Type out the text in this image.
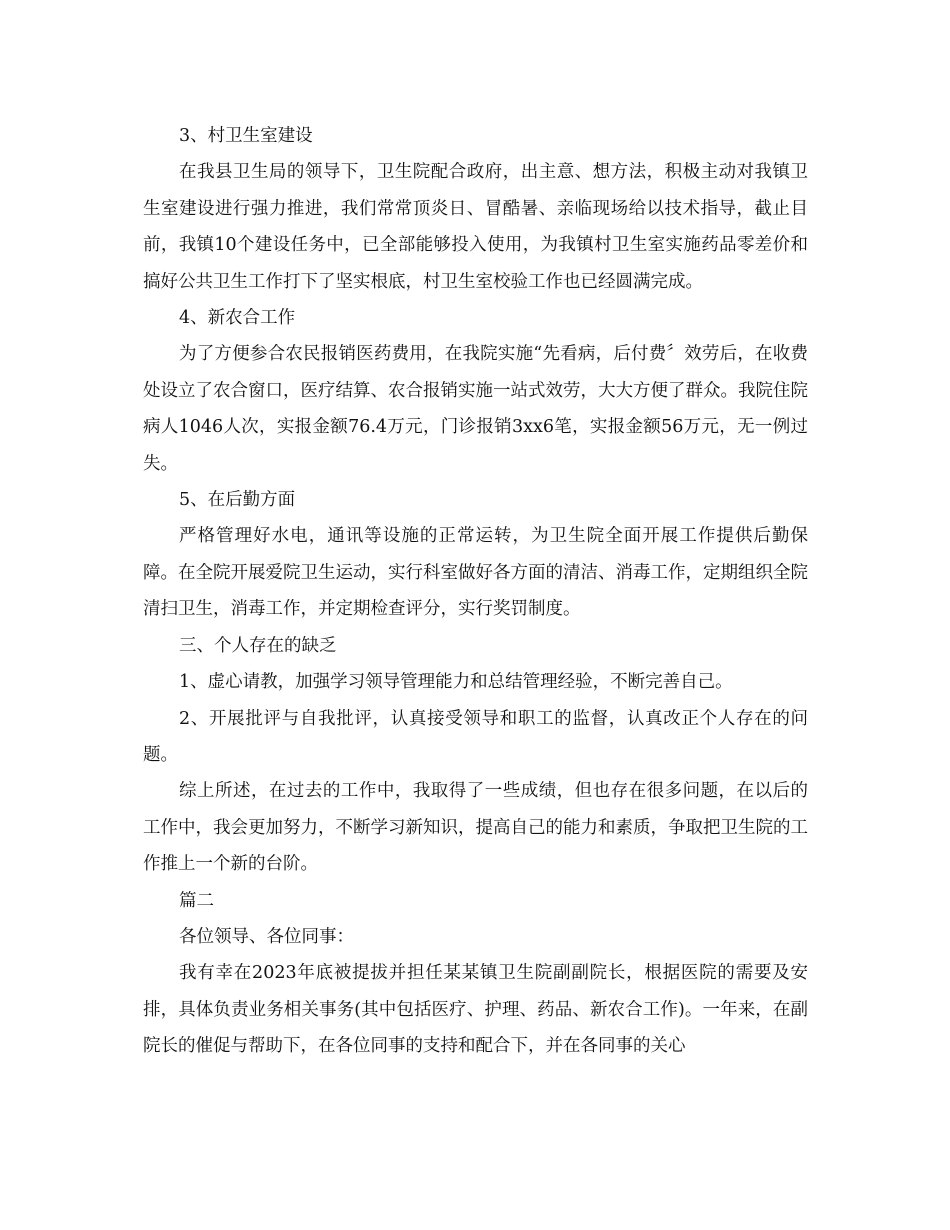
3、村卫生室建设

在我县卫生局的领导下，卫生院配合政府，出主意、想方法，积极主动对我镇卫生室建设进行强力推进，我们常常顶炎日、冒酷暑、亲临现场给以技术指导，截止目前，我镇10个建设任务中，已全部能够投入使用，为我镇村卫生室实施药品零差价和搞好公共卫生工作打下了坚实根底，村卫生室校验工作也已经圆满完成。

4、新农合工作

为了方便参合农民报销医药费用，在我院实施“先看病，后付费〞效劳后，在收费处设立了农合窗口，医疗结算、农合报销实施一站式效劳，大大方便了群众。我院住院病人1046人次，实报金额76.4万元，门诊报销3xx6笔，实报金额56万元，无一例过失。

5、在后勤方面

严格管理好水电，通讯等设施的正常运转，为卫生院全面开展工作提供后勤保障。在全院开展爱院卫生运动，实行科室做好各方面的清洁、消毒工作，定期组织全院清扫卫生，消毒工作，并定期检查评分，实行奖罚制度。

三、个人存在的缺乏

1、虚心请教，加强学习领导管理能力和总结管理经验，不断完善自己。

2、开展批评与自我批评，认真接受领导和职工的监督，认真改正个人存在的问题。

综上所述，在过去的工作中，我取得了一些成绩，但也存在很多问题，在以后的工作中，我会更加努力，不断学习新知识，提高自己的能力和素质，争取把卫生院的工作推上一个新的台阶。

篇二

各位领导、各位同事：

我有幸在2023年底被提拔并担任某某镇卫生院副副院长，根据医院的需要及安排，具体负责业务相关事务(其中包括医疗、护理、药品、新农合工作)。一年来，在副院长的催促与帮助下，在各位同事的支持和配合下，并在各同事的关心
